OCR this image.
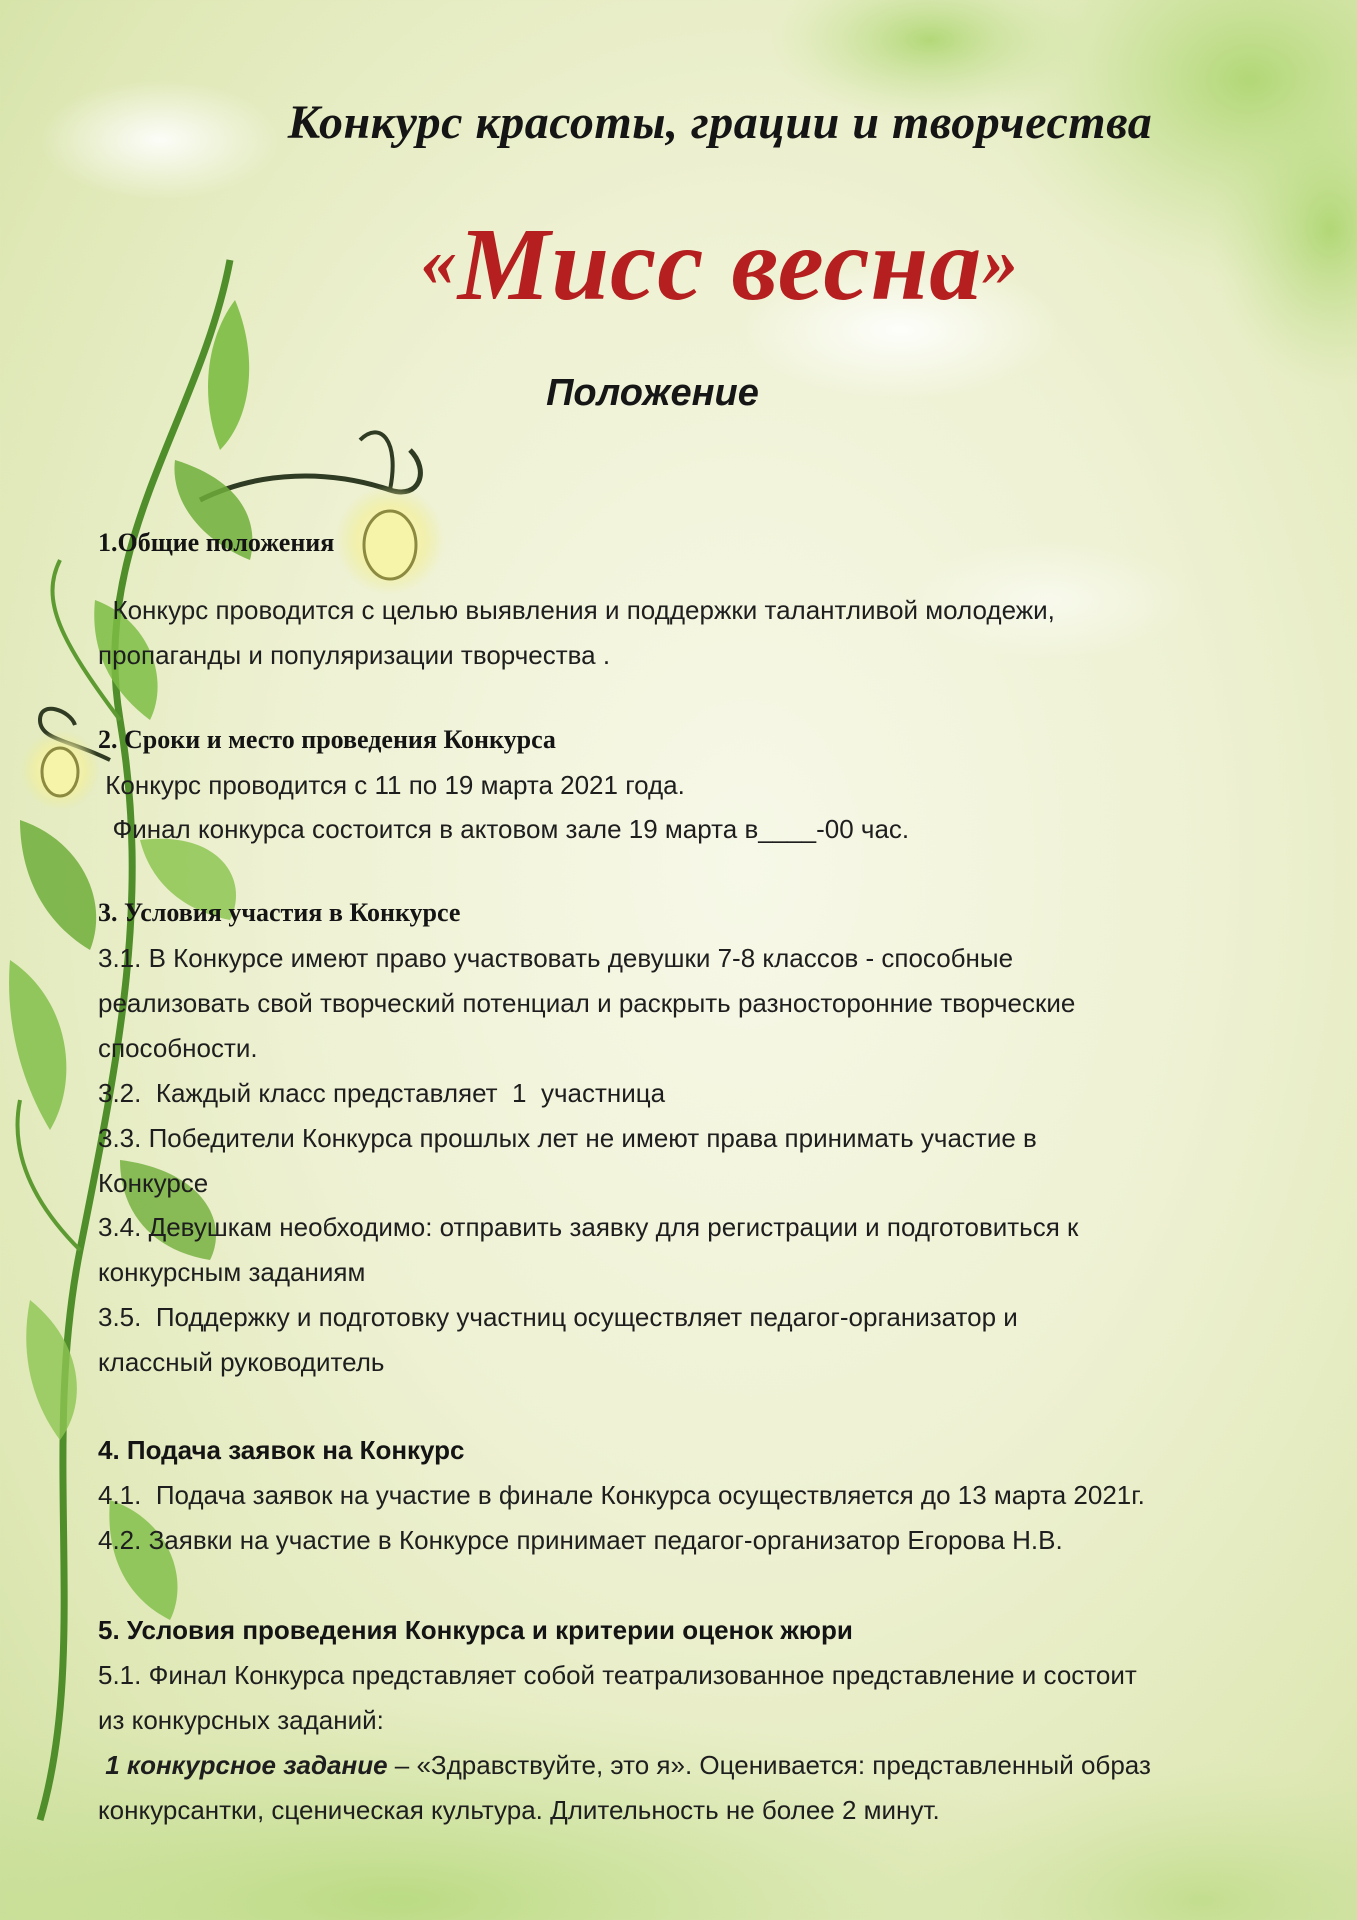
Конкурс красоты, грации и творчества
«Мисс весна»
Положение
1.Общие положения
Конкурс проводится с целью выявления и поддержки талантливой молодежи,
пропаганды и популяризации творчества .
2. Сроки и место проведения Конкурса
Конкурс проводится с 11 по 19 марта 2021 года.
Финал конкурса состоится в актовом зале 19 марта в____-00 час.
3. Условия участия в Конкурсе
3.1. В Конкурсе имеют право участвовать девушки 7-8 классов - способные
реализовать свой творческий потенциал и раскрыть разносторонние творческие
способности.
3.2.  Каждый класс представляет  1  участница
3.3. Победители Конкурса прошлых лет не имеют права принимать участие в
Конкурсе
3.4. Девушкам необходимо: отправить заявку для регистрации и подготовиться к
конкурсным заданиям
3.5.  Поддержку и подготовку участниц осуществляет педагог-организатор и
классный руководитель
4. Подача заявок на Конкурс
4.1.  Подача заявок на участие в финале Конкурса осуществляется до 13 марта 2021г.
4.2. Заявки на участие в Конкурсе принимает педагог-организатор Егорова Н.В.
5. Условия проведения Конкурса и критерии оценок жюри
5.1. Финал Конкурса представляет собой театрализованное представление и состоит
из конкурсных заданий:
1 конкурсное задание – «Здравствуйте, это я». Оценивается: представленный образ
конкурсантки, сценическая культура. Длительность не более 2 минут.
